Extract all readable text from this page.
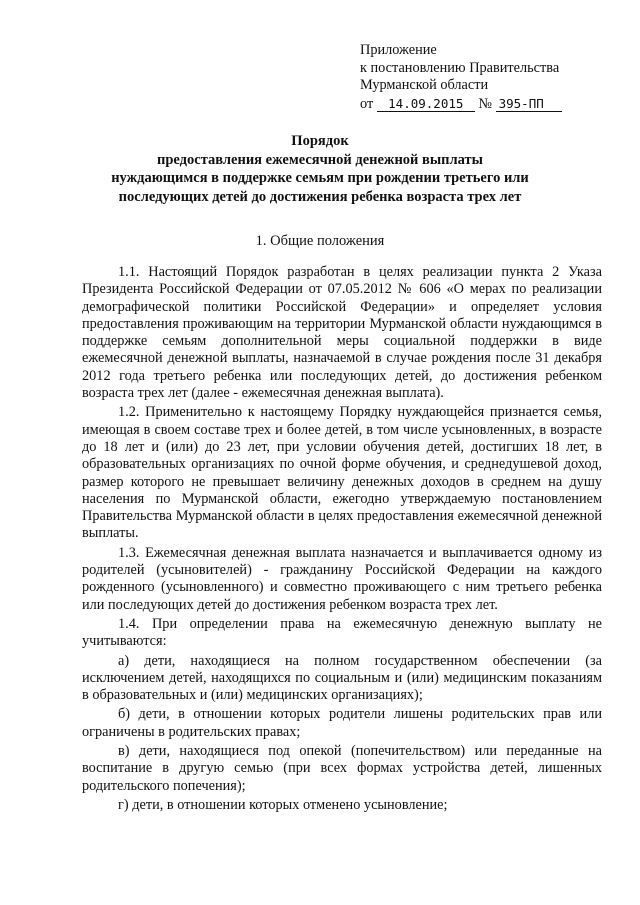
Приложение
к постановлению Правительства
Мурманской области
от 14.09.2015 № 395-ПП
Порядок
предоставления ежемесячной денежной выплаты
нуждающимся в поддержке семьям при рождении третьего или
последующих детей до достижения ребенка возраста трех лет
1. Общие положения

1.1. Настоящий Порядок разработан в целях реализации пункта 2 Указа Президента Российской Федерации от 07.05.2012 № 606 «О мерах по реализации демографической политики Российской Федерации» и определяет условия предоставления проживающим на территории Мурманской области нуждающимся в поддержке семьям дополнительной меры социальной поддержки в виде ежемесячной денежной выплаты, назначаемой в случае рождения после 31 декабря 2012 года третьего ребенка или последующих детей, до достижения ребенком возраста трех лет (далее - ежемесячная денежная выплата).

1.2. Применительно к настоящему Порядку нуждающейся признается семья, имеющая в своем составе трех и более детей, в том числе усыновленных, в возрасте до 18 лет и (или) до 23 лет, при условии обучения детей, достигших 18 лет, в образовательных организациях по очной форме обучения, и среднедушевой доход, размер которого не превышает величину денежных доходов в среднем на душу населения по Мурманской области, ежегодно утверждаемую постановлением Правительства Мурманской области в целях предоставления ежемесячной денежной выплаты.

1.3. Ежемесячная денежная выплата назначается и выплачивается одному из родителей (усыновителей) - гражданину Российской Федерации на каждого рожденного (усыновленного) и совместно проживающего с ним третьего ребенка или последующих детей до достижения ребенком возраста трех лет.

1.4. При определении права на ежемесячную денежную выплату не учитываются:

а) дети, находящиеся на полном государственном обеспечении (за исключением детей, находящихся по социальным и (или) медицинским показаниям в образовательных и (или) медицинских организациях);

б) дети, в отношении которых родители лишены родительских прав или ограничены в родительских правах;

в) дети, находящиеся под опекой (попечительством) или переданные на воспитание в другую семью (при всех формах устройства детей, лишенных родительского попечения);

г) дети, в отношении которых отменено усыновление;
